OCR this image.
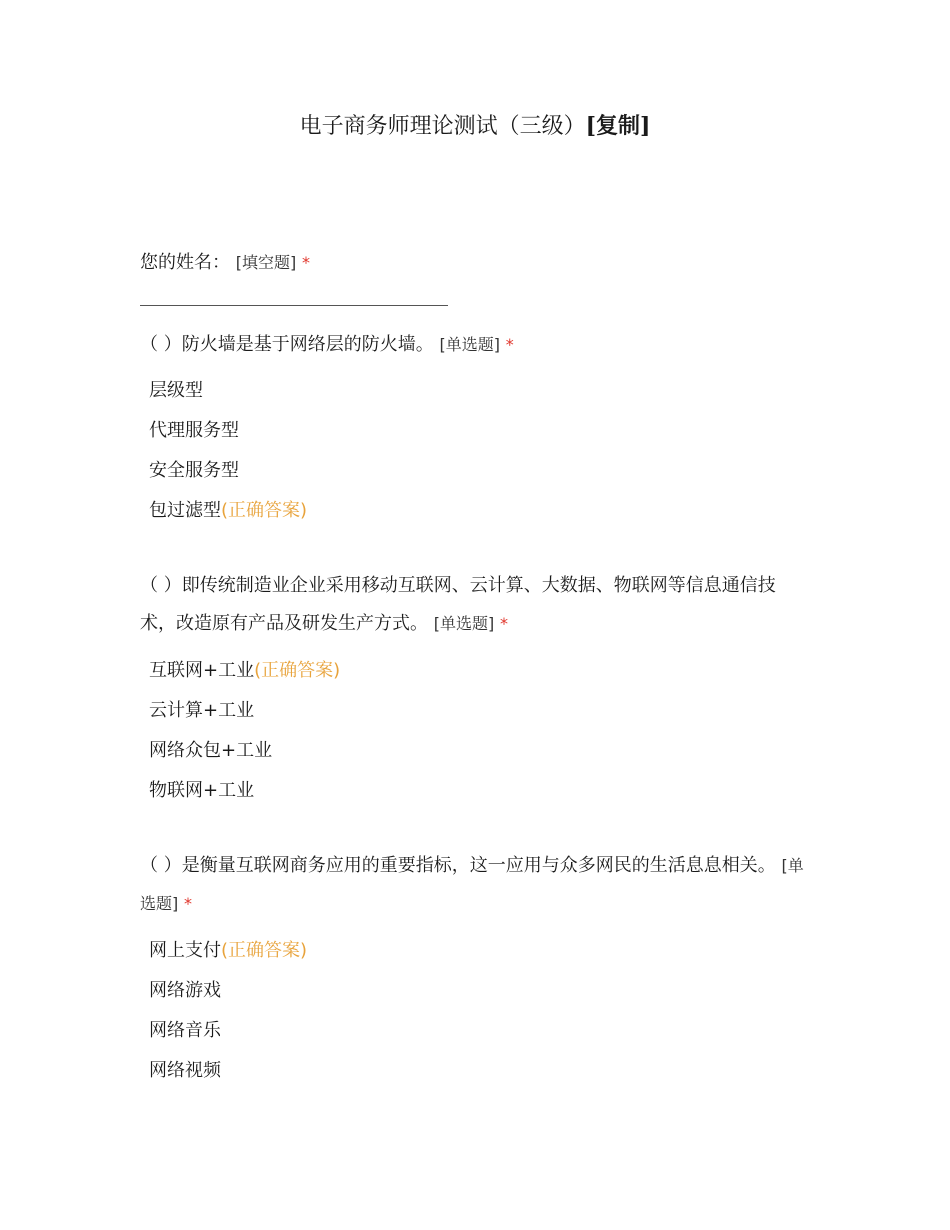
电子商务师理论测试（三级）[复制]

您的姓名： [填空题] *

（ ）防火墙是基于网络层的防火墙。 [单选题] *

层级型
代理服务型
安全服务型
包过滤型(正确答案)

（ ）即传统制造业企业采用移动互联网、云计算、大数据、物联网等信息通信技术，改造原有产品及研发生产方式。 [单选题] *

互联网+工业(正确答案)
云计算+工业
网络众包+工业
物联网+工业

（ ）是衡量互联网商务应用的重要指标，这一应用与众多网民的生活息息相关。 [单选题] *

网上支付(正确答案)
网络游戏
网络音乐
网络视频
